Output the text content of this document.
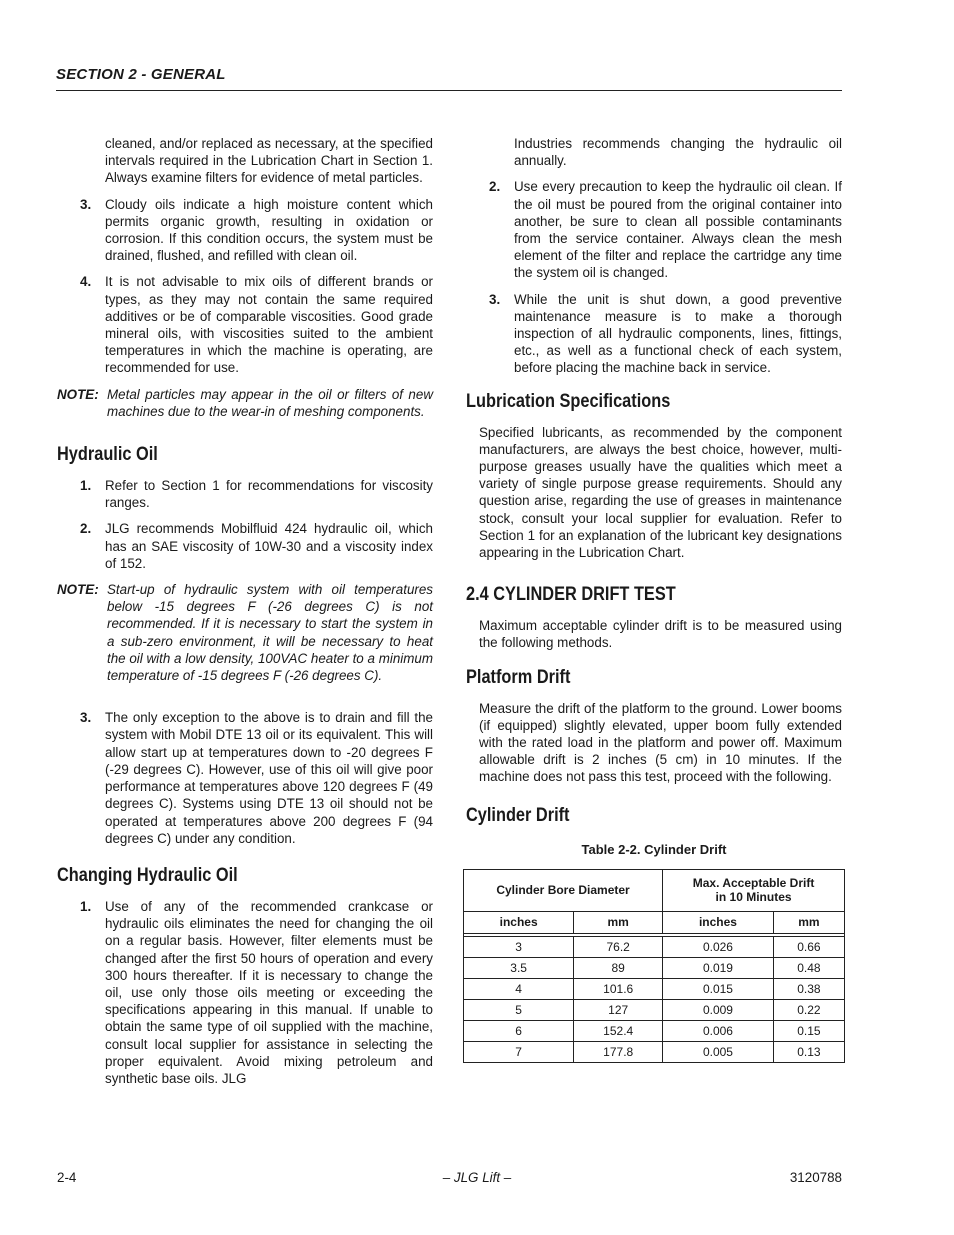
SECTION 2 - GENERAL

cleaned, and/or replaced as necessary, at the specified intervals required in the Lubrication Chart in Section 1. Always examine filters for evidence of metal particles.

3. Cloudy oils indicate a high moisture content which permits organic growth, resulting in oxidation or corrosion. If this condition occurs, the system must be drained, flushed, and refilled with clean oil.

4. It is not advisable to mix oils of different brands or types, as they may not contain the same required additives or be of comparable viscosities. Good grade mineral oils, with viscosities suited to the ambient temperatures in which the machine is operating, are recommended for use.

NOTE: Metal particles may appear in the oil or filters of new machines due to the wear-in of meshing components.

Hydraulic Oil
1. Refer to Section 1 for recommendations for viscosity ranges.

2. JLG recommends Mobilfluid 424 hydraulic oil, which has an SAE viscosity of 10W-30 and a viscosity index of 152.

NOTE: Start-up of hydraulic system with oil temperatures below -15 degrees F (-26 degrees C) is not recommended. If it is necessary to start the system in a sub-zero environment, it will be necessary to heat the oil with a low density, 100VAC heater to a minimum temperature of -15 degrees F (-26 degrees C).

3. The only exception to the above is to drain and fill the system with Mobil DTE 13 oil or its equivalent. This will allow start up at temperatures down to -20 degrees F (-29 degrees C). However, use of this oil will give poor performance at temperatures above 120 degrees F (49 degrees C). Systems using DTE 13 oil should not be operated at temperatures above 200 degrees F (94 degrees C) under any condition.

Changing Hydraulic Oil
1. Use of any of the recommended crankcase or hydraulic oils eliminates the need for changing the oil on a regular basis. However, filter elements must be changed after the first 50 hours of operation and every 300 hours thereafter. If it is necessary to change the oil, use only those oils meeting or exceeding the specifications appearing in this manual. If unable to obtain the same type of oil supplied with the machine, consult local supplier for assistance in selecting the proper equivalent. Avoid mixing petroleum and synthetic base oils. JLG

Industries recommends changing the hydraulic oil annually.

2. Use every precaution to keep the hydraulic oil clean. If the oil must be poured from the original container into another, be sure to clean all possible contaminants from the service container. Always clean the mesh element of the filter and replace the cartridge any time the system oil is changed.

3. While the unit is shut down, a good preventive maintenance measure is to make a thorough inspection of all hydraulic components, lines, fittings, etc., as well as a functional check of each system, before placing the machine back in service.

Lubrication Specifications

Specified lubricants, as recommended by the component manufacturers, are always the best choice, however, multi-purpose greases usually have the qualities which meet a variety of single purpose grease requirements. Should any question arise, regarding the use of greases in maintenance stock, consult your local supplier for evaluation. Refer to Section 1 for an explanation of the lubricant key designations appearing in the Lubrication Chart.

2.4 CYLINDER DRIFT TEST

Maximum acceptable cylinder drift is to be measured using the following methods.

Platform Drift

Measure the drift of the platform to the ground. Lower booms (if equipped) slightly elevated, upper boom fully extended with the rated load in the platform and power off. Maximum allowable drift is 2 inches (5 cm) in 10 minutes. If the machine does not pass this test, proceed with the following.

Cylinder Drift

Table 2-2. Cylinder Drift

Cylinder Bore Diameter		Max. Acceptable Drift
in 10 Minutes	
inches	mm	inches	mm

3	76.2	0.026	0.66
3.5	89	0.019	0.48
4	101.6	0.015	0.38
5	127	0.009	0.22
6	152.4	0.006	0.15
7	177.8	0.005	0.13
2-4	– JLG Lift –	3120788
